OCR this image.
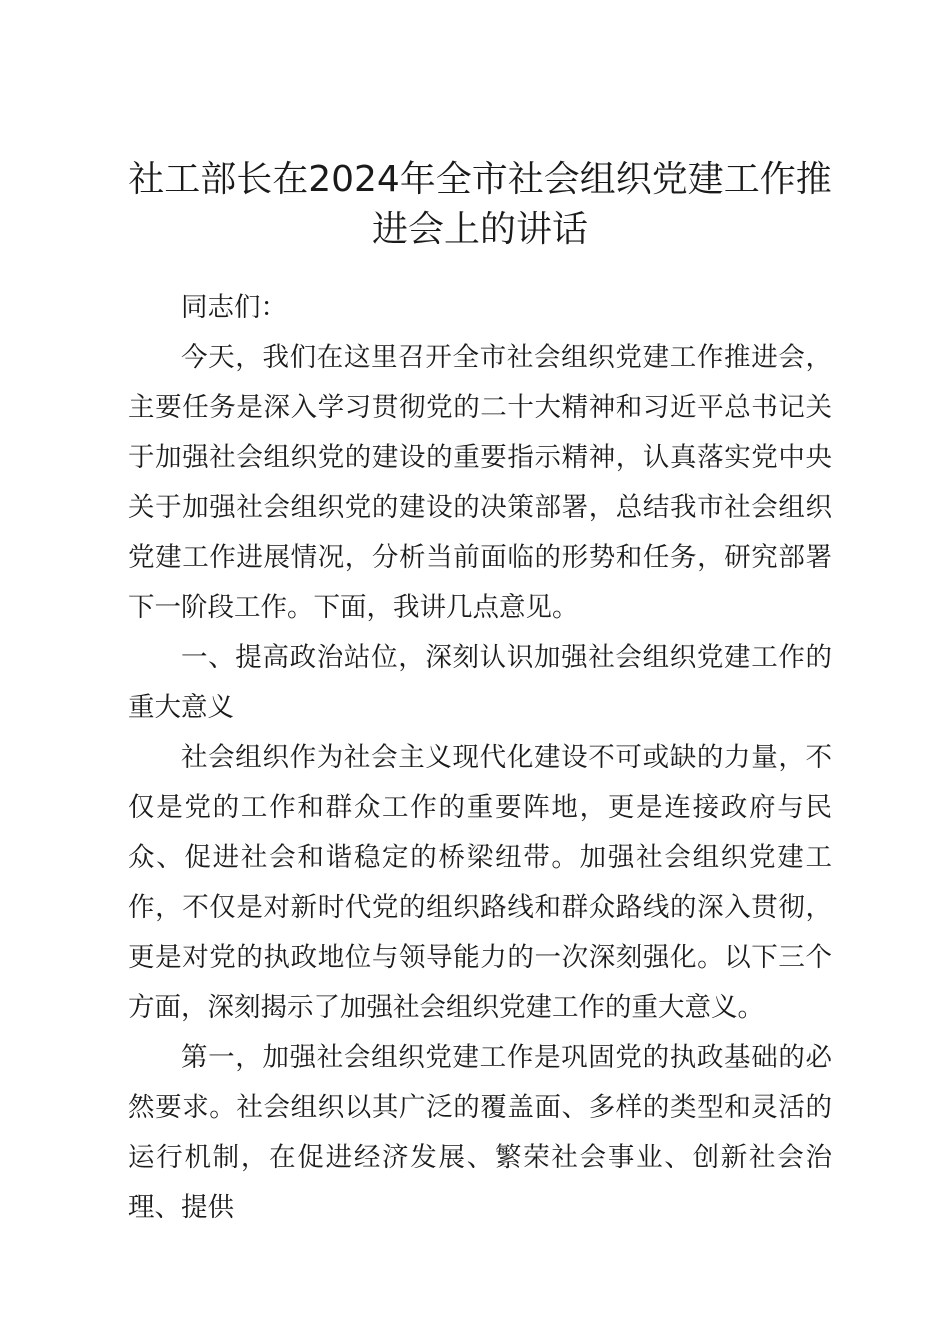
社工部长在2024年全市社会组织党建工作推
进会上的讲话

同志们：

今天，我们在这里召开全市社会组织党建工作推进会，主要任务是深入学习贯彻党的二十大精神和习近平总书记关于加强社会组织党的建设的重要指示精神，认真落实党中央关于加强社会组织党的建设的决策部署，总结我市社会组织党建工作进展情况，分析当前面临的形势和任务，研究部署下一阶段工作。下面，我讲几点意见。

一、提高政治站位，深刻认识加强社会组织党建工作的重大意义

社会组织作为社会主义现代化建设不可或缺的力量，不仅是党的工作和群众工作的重要阵地，更是连接政府与民众、促进社会和谐稳定的桥梁纽带。加强社会组织党建工作，不仅是对新时代党的组织路线和群众路线的深入贯彻，更是对党的执政地位与领导能力的一次深刻强化。以下三个方面，深刻揭示了加强社会组织党建工作的重大意义。

第一，加强社会组织党建工作是巩固党的执政基础的必然要求。社会组织以其广泛的覆盖面、多样的类型和灵活的运行机制，在促进经济发展、繁荣社会事业、创新社会治理、提供
